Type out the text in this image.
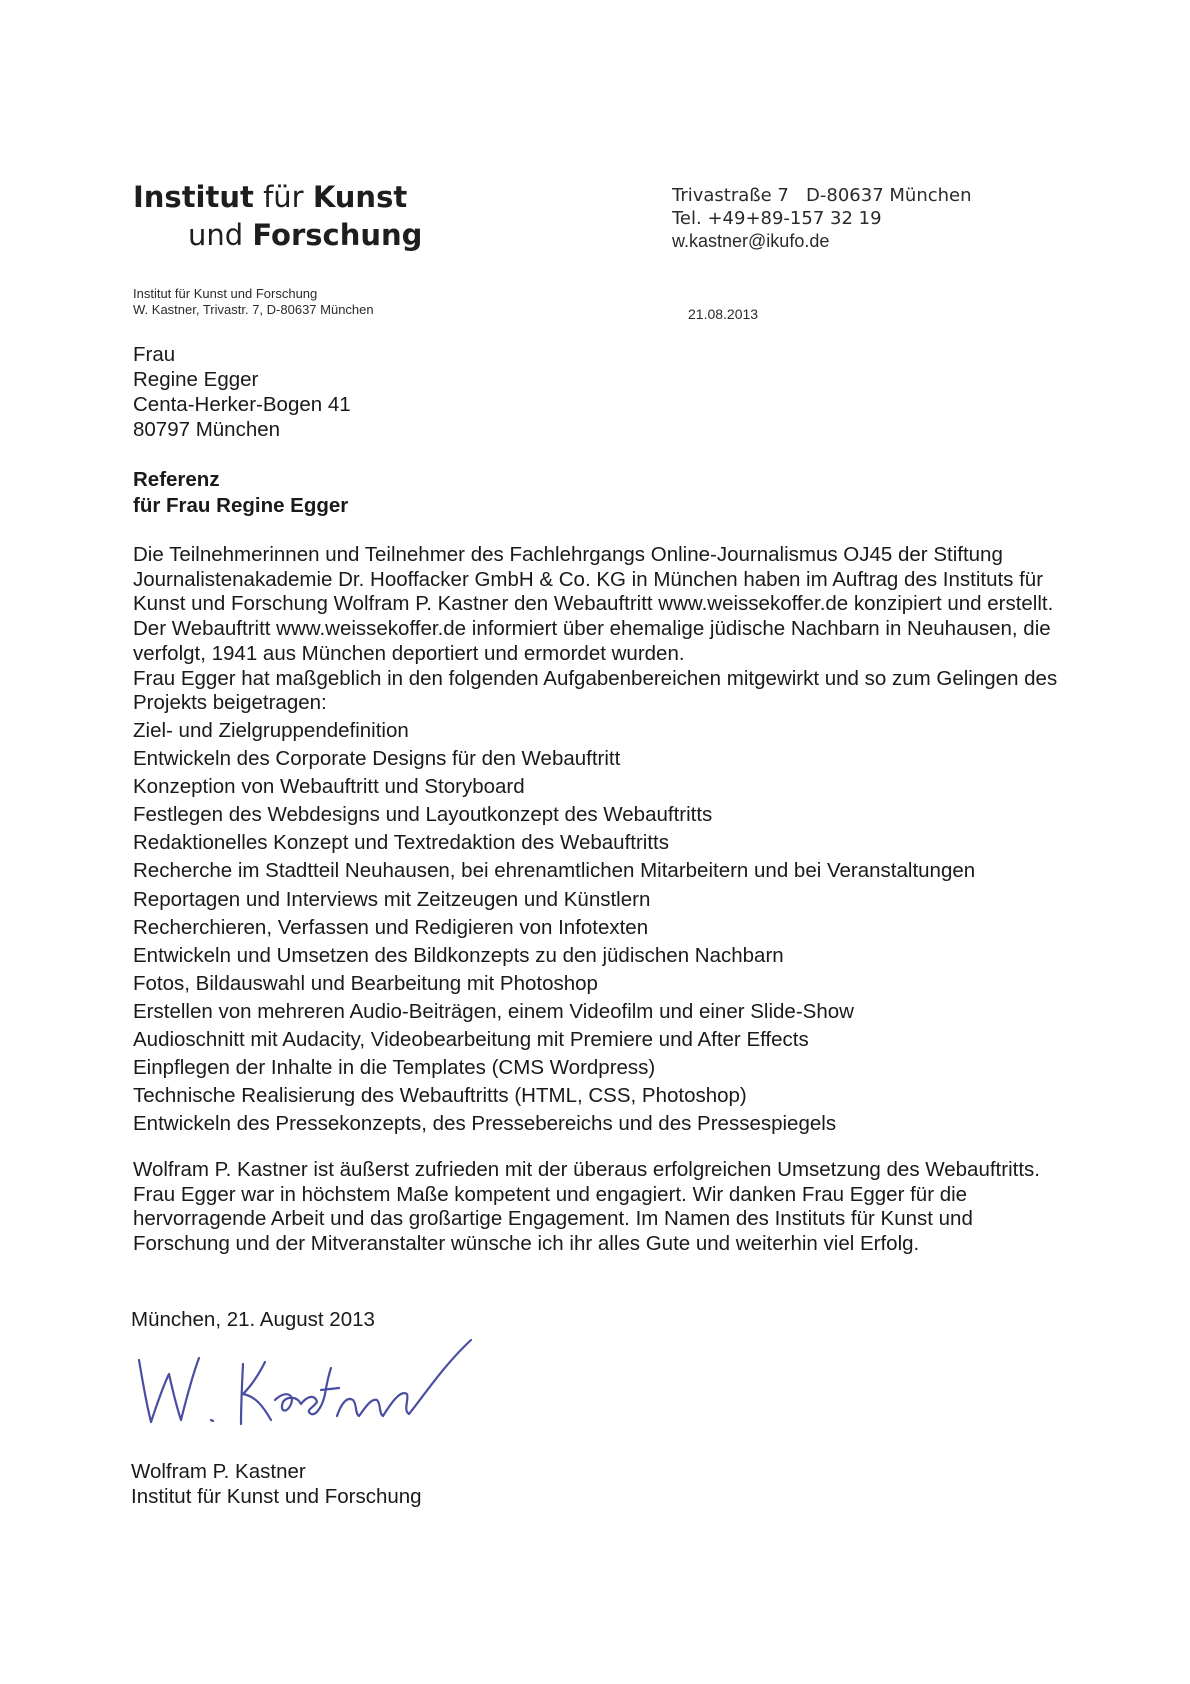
Institut für Kunst
und Forschung
Trivastraße 7   D-80637 München
Tel. +49+89-157 32 19
w.kastner@ikufo.de
Institut für Kunst und Forschung
W. Kastner, Trivastr. 7, D-80637 München	21.08.2013
Frau
Regine Egger
Centa-Herker-Bogen 41
80797 München
Referenz
für Frau Regine Egger

Die Teilnehmerinnen und Teilnehmer des Fachlehrgangs Online-Journalismus OJ45 der Stiftung Journalistenakademie Dr. Hooffacker GmbH & Co. KG in München haben im Auftrag des Instituts für Kunst und Forschung Wolfram P. Kastner den Webauftritt www.weissekoffer.de konzipiert und erstellt. Der Webauftritt www.weissekoffer.de informiert über ehemalige jüdische Nachbarn in Neuhausen, die verfolgt, 1941 aus München deportiert und ermordet wurden.

Frau Egger hat maßgeblich in den folgenden Aufgabenbereichen mitgewirkt und so zum Gelingen des Projekts beigetragen:

Ziel- und Zielgruppendefinition
Entwickeln des Corporate Designs für den Webauftritt
Konzeption von Webauftritt und Storyboard
Festlegen des Webdesigns und Layoutkonzept des Webauftritts
Redaktionelles Konzept und Textredaktion des Webauftritts
Recherche im Stadtteil Neuhausen, bei ehrenamtlichen Mitarbeitern und bei Veranstaltungen
Reportagen und Interviews mit Zeitzeugen und Künstlern
Recherchieren, Verfassen und Redigieren von Infotexten
Entwickeln und Umsetzen des Bildkonzepts zu den jüdischen Nachbarn
Fotos, Bildauswahl und Bearbeitung mit Photoshop
Erstellen von mehreren Audio-Beiträgen, einem Videofilm und einer Slide-Show
Audioschnitt mit Audacity, Videobearbeitung mit Premiere und After Effects
Einpflegen der Inhalte in die Templates (CMS Wordpress)
Technische Realisierung des Webauftritts (HTML, CSS, Photoshop)
Entwickeln des Pressekonzepts, des Pressebereichs und des Pressespiegels

Wolfram P. Kastner ist äußerst zufrieden mit der überaus erfolgreichen Umsetzung des Webauftritts. Frau Egger war in höchstem Maße kompetent und engagiert. Wir danken Frau Egger für die hervorragende Arbeit und das großartige Engagement. Im Namen des Instituts für Kunst und Forschung und der Mitveranstalter wünsche ich ihr alles Gute und weiterhin viel Erfolg.

München, 21. August 2013
Wolfram P. Kastner
Institut für Kunst und Forschung
